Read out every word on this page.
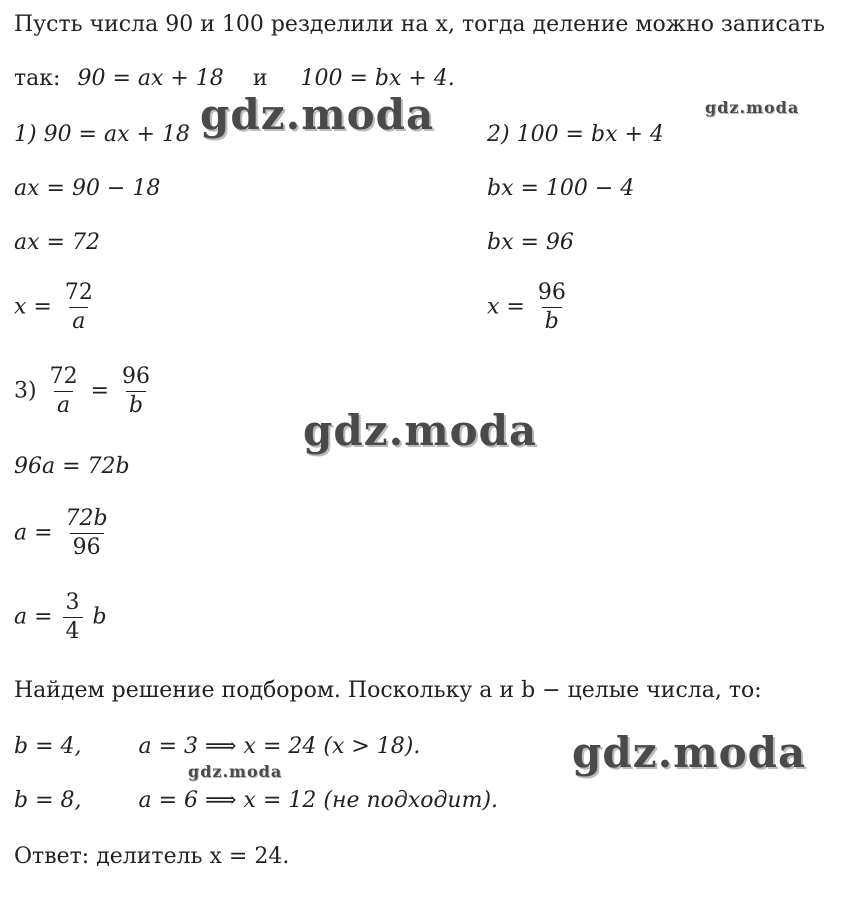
Пусть числа 90 и 100 резделили на x, тогда деление можно записать
так: 90 = ax + 18 и 100 = bx + 4.
1) 90 = ax + 18
ax = 90 − 18
ax = 72
$x = \frac{72}{a}$
2) 100 = bx + 4
bx = 100 − 4
bx = 96
$x = \frac{96}{b}$
$3) \frac{72}{a} = \frac{96}{b}$
96a = 72b
$a = \frac{72b}{96}$
$a = \frac{3}{4}$ b
Найдем решение подбором. Поскольку a и b − целые числа, то:
b = 4,	a = 3 ⟹ x = 24 (x > 18).
b = 8,	a = 6 ⟹ x = 12 (не подходит).
Ответ: делитель x = 24.
gdz.moda	gdz.moda
gdz.moda
gdz.moda
gdz.moda
